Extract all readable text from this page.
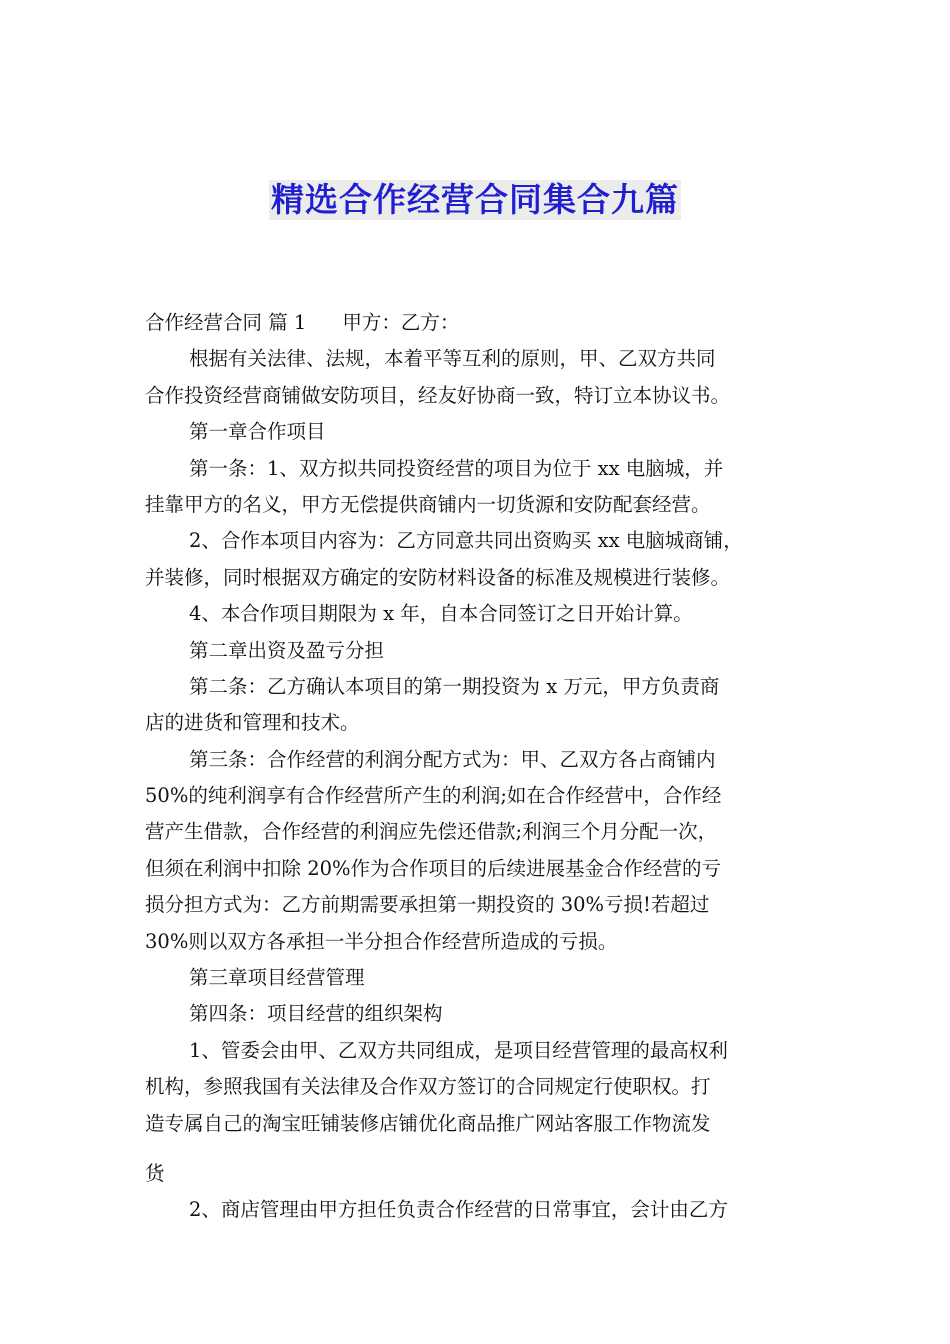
精选合作经营合同集合九篇
合作经营合同 篇 1 甲方：乙方：
根据有关法律、法规，本着平等互利的原则，甲、乙双方共同
合作投资经营商铺做安防项目，经友好协商一致，特订立本协议书。
第一章合作项目
第一条：1、双方拟共同投资经营的项目为位于 xx 电脑城，并
挂靠甲方的名义，甲方无偿提供商铺内一切货源和安防配套经营。
2、合作本项目内容为：乙方同意共同出资购买 xx 电脑城商铺，
并装修，同时根据双方确定的安防材料设备的标准及规模进行装修。
4、本合作项目期限为 x 年，自本合同签订之日开始计算。
第二章出资及盈亏分担
第二条：乙方确认本项目的第一期投资为 x 万元，甲方负责商
店的进货和管理和技术。
第三条：合作经营的利润分配方式为：甲、乙双方各占商铺内
50%的纯利润享有合作经营所产生的利润;如在合作经营中，合作经
营产生借款，合作经营的利润应先偿还借款;利润三个月分配一次，
但须在利润中扣除 20%作为合作项目的后续进展基金合作经营的亏
损分担方式为：乙方前期需要承担第一期投资的 30%亏损!若超过
30%则以双方各承担一半分担合作经营所造成的亏损。
第三章项目经营管理
第四条：项目经营的组织架构
1、管委会由甲、乙双方共同组成，是项目经营管理的最高权利
机构，参照我国有关法律及合作双方签订的合同规定行使职权。打
造专属自己的淘宝旺铺装修店铺优化商品推广网站客服工作物流发
货
2、商店管理由甲方担任负责合作经营的日常事宜，会计由乙方
